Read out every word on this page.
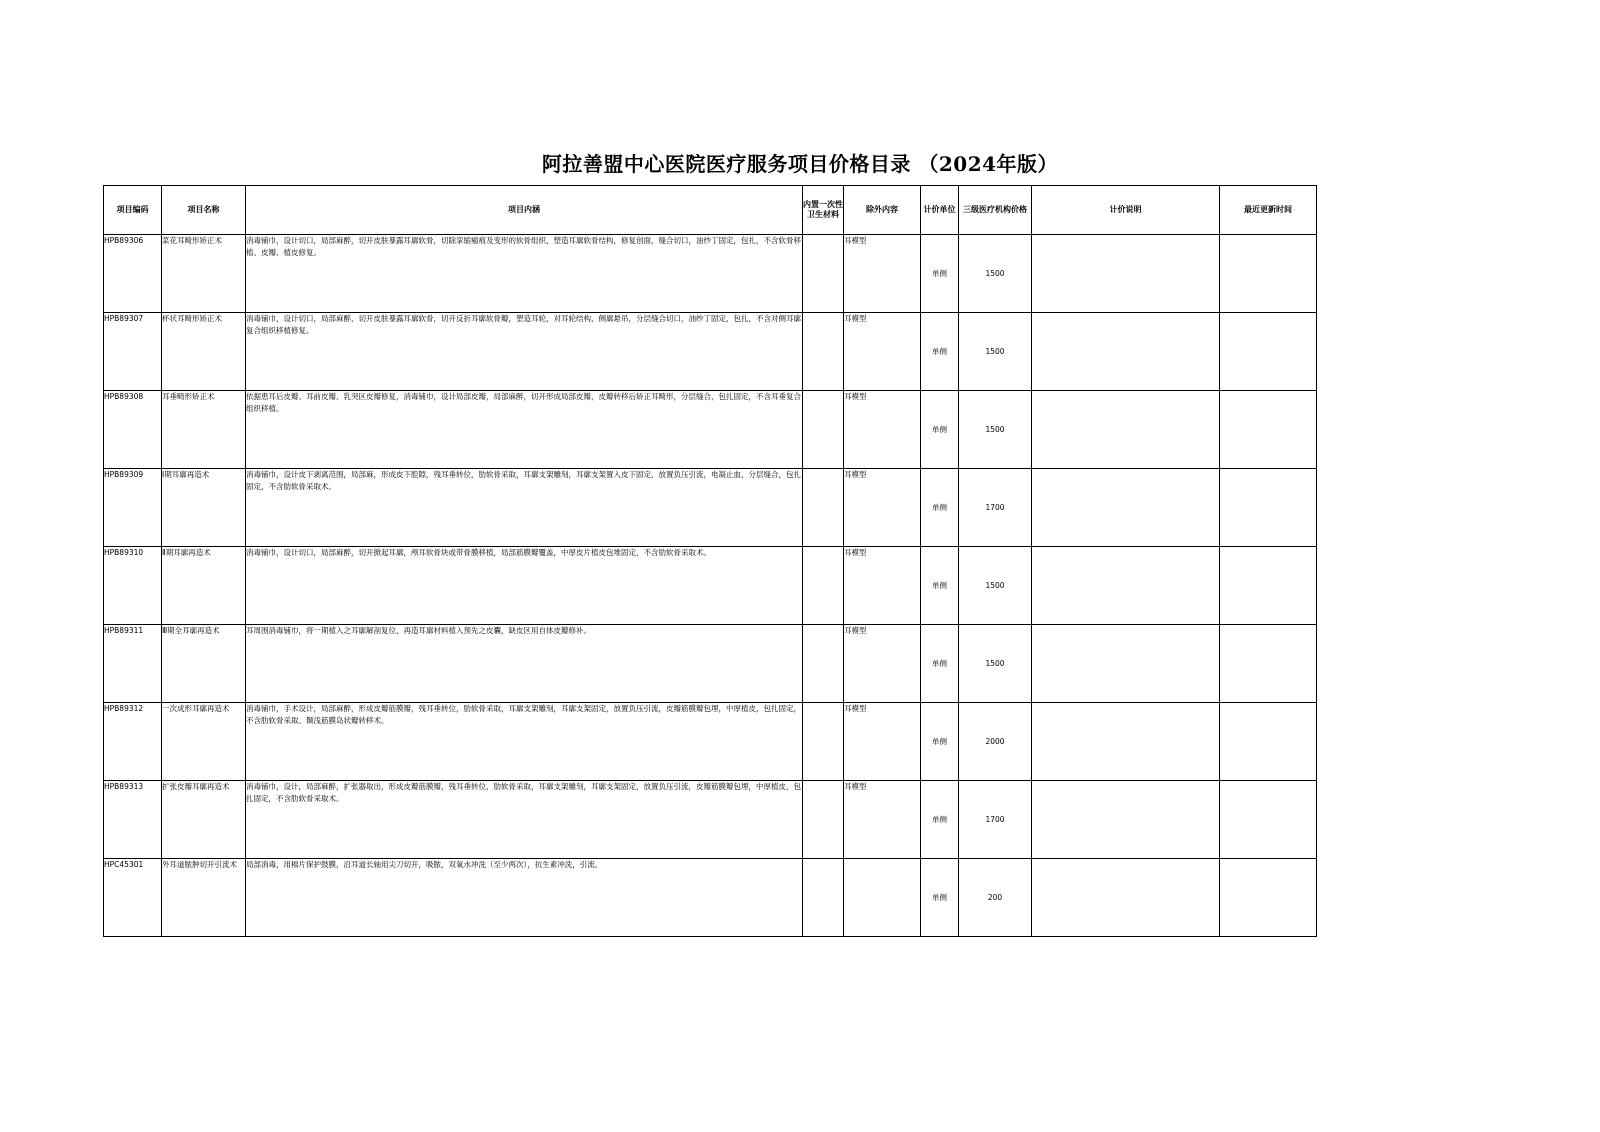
阿拉善盟中心医院医疗服务项目价格目录 （2024年版）
项目编码	项目名称	项目内涵	内置一次性卫生材料	除外内容	计价单位	三级医疗机构价格	计价说明	最近更新时间
HPB89306	菜花耳畸形矫正术	消毒铺巾，设计切口，局部麻醉，切开皮肤暴露耳廓软骨，切除挛缩瘢痕及变形的软骨组织，塑造耳廓软骨结构，修复创面，缝合切口，油纱丁固定，包扎，不含软骨移植、皮瓣、植皮修复。		耳模型	单侧	1500		
HPB89307	杯状耳畸形矫正术	消毒铺巾，设计切口，局部麻醉，切开皮肤暴露耳廓软骨，切开反折耳廓软骨瓣，塑造耳轮，对耳轮结构，侧廓悬吊，分层缝合切口，油纱丁固定，包扎，不含对侧耳廓复合组织移植修复。		耳模型	单侧	1500		
HPB89308	耳垂畸形矫正术	依据患耳后皮瓣、耳前皮瓣、乳突区皮瓣修复，消毒铺巾，设计局部皮瓣，局部麻醉，切开形成局部皮瓣，皮瓣转移后矫正耳畸形，分层缝合，包扎固定，不含耳垂复合组织移植。		耳模型	单侧	1500		
HPB89309	Ⅰ期耳廓再造术	消毒铺巾，设计皮下剥离范围，局部麻，形成皮下腔隙，残耳垂转位，肋软骨采取，耳廓支架雕刻，耳廓支架置入皮下固定，放置负压引流，电凝止血，分层缝合，包扎固定，不含肋软骨采取术。		耳模型	单侧	1700		
HPB89310	Ⅱ期耳廓再造术	消毒铺巾，设计切口，局部麻醉，切开掀起耳廓，颅耳软骨块或带骨膜移植，局部筋膜瓣覆盖，中厚皮片植皮包堆固定，不含肋软骨采取术。		耳模型	单侧	1500		
HPB89311	Ⅲ期全耳廓再造术	耳周围消毒铺巾，将一期植入之耳廓解剖复位，再造耳廓材料植入预先之皮囊，缺皮区用自体皮瓣修补。		耳模型	单侧	1500		
HPB89312	一次成形耳廓再造术	消毒铺巾，手术设计，局部麻醉，形成皮瓣筋膜瓣，残耳垂转位，肋软骨采取，耳廓支架雕刻，耳廓支架固定，放置负压引流，皮瓣筋膜瓣包埋，中厚植皮，包扎固定，不含肋软骨采取、颞浅筋膜岛状瓣转移术。		耳模型	单侧	2000		
HPB89313	扩张皮瓣耳廓再造术	消毒铺巾，设计，局部麻醉，扩张器取出，形成皮瓣筋膜瓣，残耳垂转位，肋软骨采取，耳廓支架雕刻，耳廓支架固定，放置负压引流，皮瓣筋膜瓣包埋，中厚植皮，包扎固定，不含肋软骨采取术。		耳模型	单侧	1700		
HPC45301	外耳道脓肿切开引流术	局部消毒，用棉片保护鼓膜，沿耳道长轴用尖刀切开，吸脓，双氧水冲洗（至少两次），抗生素冲洗，引流。			单侧	200		
